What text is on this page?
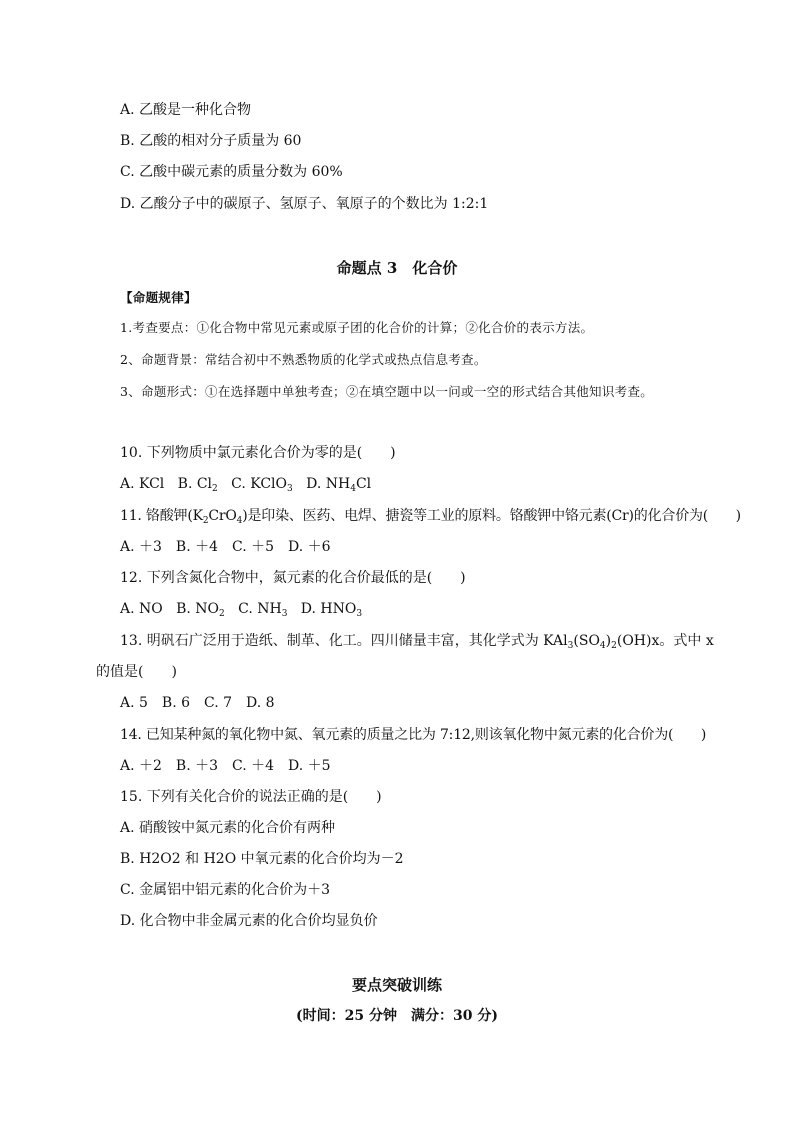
A. 乙酸是一种化合物
B. 乙酸的相对分子质量为 60
C. 乙酸中碳元素的质量分数为 60%
D. 乙酸分子中的碳原子、氢原子、氧原子的个数比为 1:2:1
命题点 3　化合价
【命题规律】
1.考查要点：①化合物中常见元素或原子团的化合价的计算；②化合价的表示方法。
2、命题背景：常结合初中不熟悉物质的化学式或热点信息考查。
3、命题形式：①在选择题中单独考查；②在填空题中以一问或一空的形式结合其他知识考查。
10. 下列物质中氯元素化合价为零的是(　　)
A. KCl B. $Cl_2$ C. KClO$_3$ D. $NH_4Cl$
11. 铬酸钾$(K_2CrO_4)$是印染、医药、电焊、搪瓷等工业的原料。铬酸钾中铬元素(Cr)的化合价为(　　)
A. ＋3　B. ＋4　C. ＋5　D. ＋6
12. 下列含氮化合物中，氮元素的化合价最低的是(　　)
A. NO B. $NO_2$ C. $NH_3$ D. $HNO_3$
13. 明矾石广泛用于造纸、制革、化工。四川储量丰富，其化学式为 $KAl_3(SO_4)_2(OH)x$。式中 x
的值是(　　)
A. 5　B. 6　C. 7　D. 8
14. 已知某种氮的氧化物中氮、氧元素的质量之比为 7:12,则该氧化物中氮元素的化合价为(　　)
A. ＋2　B. ＋3　C. ＋4　D. ＋5
15. 下列有关化合价的说法正确的是(　　)
A. 硝酸铵中氮元素的化合价有两种
B. H2O2 和 H2O 中氧元素的化合价均为－2
C. 金属铝中铝元素的化合价为＋3
D. 化合物中非金属元素的化合价均显负价
要点突破训练
(时间：25 分钟　满分：30 分)
